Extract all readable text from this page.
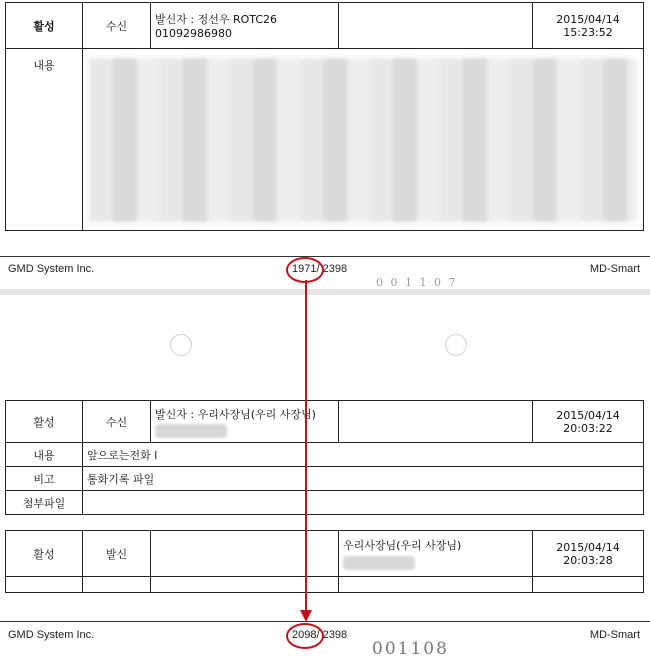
활성	수신	발신자 : 정선우 ROTC26
01092986980		2015/04/14 15:23:52
내용				
GMD System Inc.	1971/ 2398	MD-Smart
0 0 1 1 0 7
활성	수신	발신자 : 우리사장님(우리 사장님)		2015/04/14 20:03:22
내용	앞으로는전화 l			
비고	통화기록 파일			
첨부파일				
활성	발신		우리사장님(우리 사장님)	2015/04/14 20:03:28

GMD System Inc.	2098/ 2398	MD-Smart
001108
